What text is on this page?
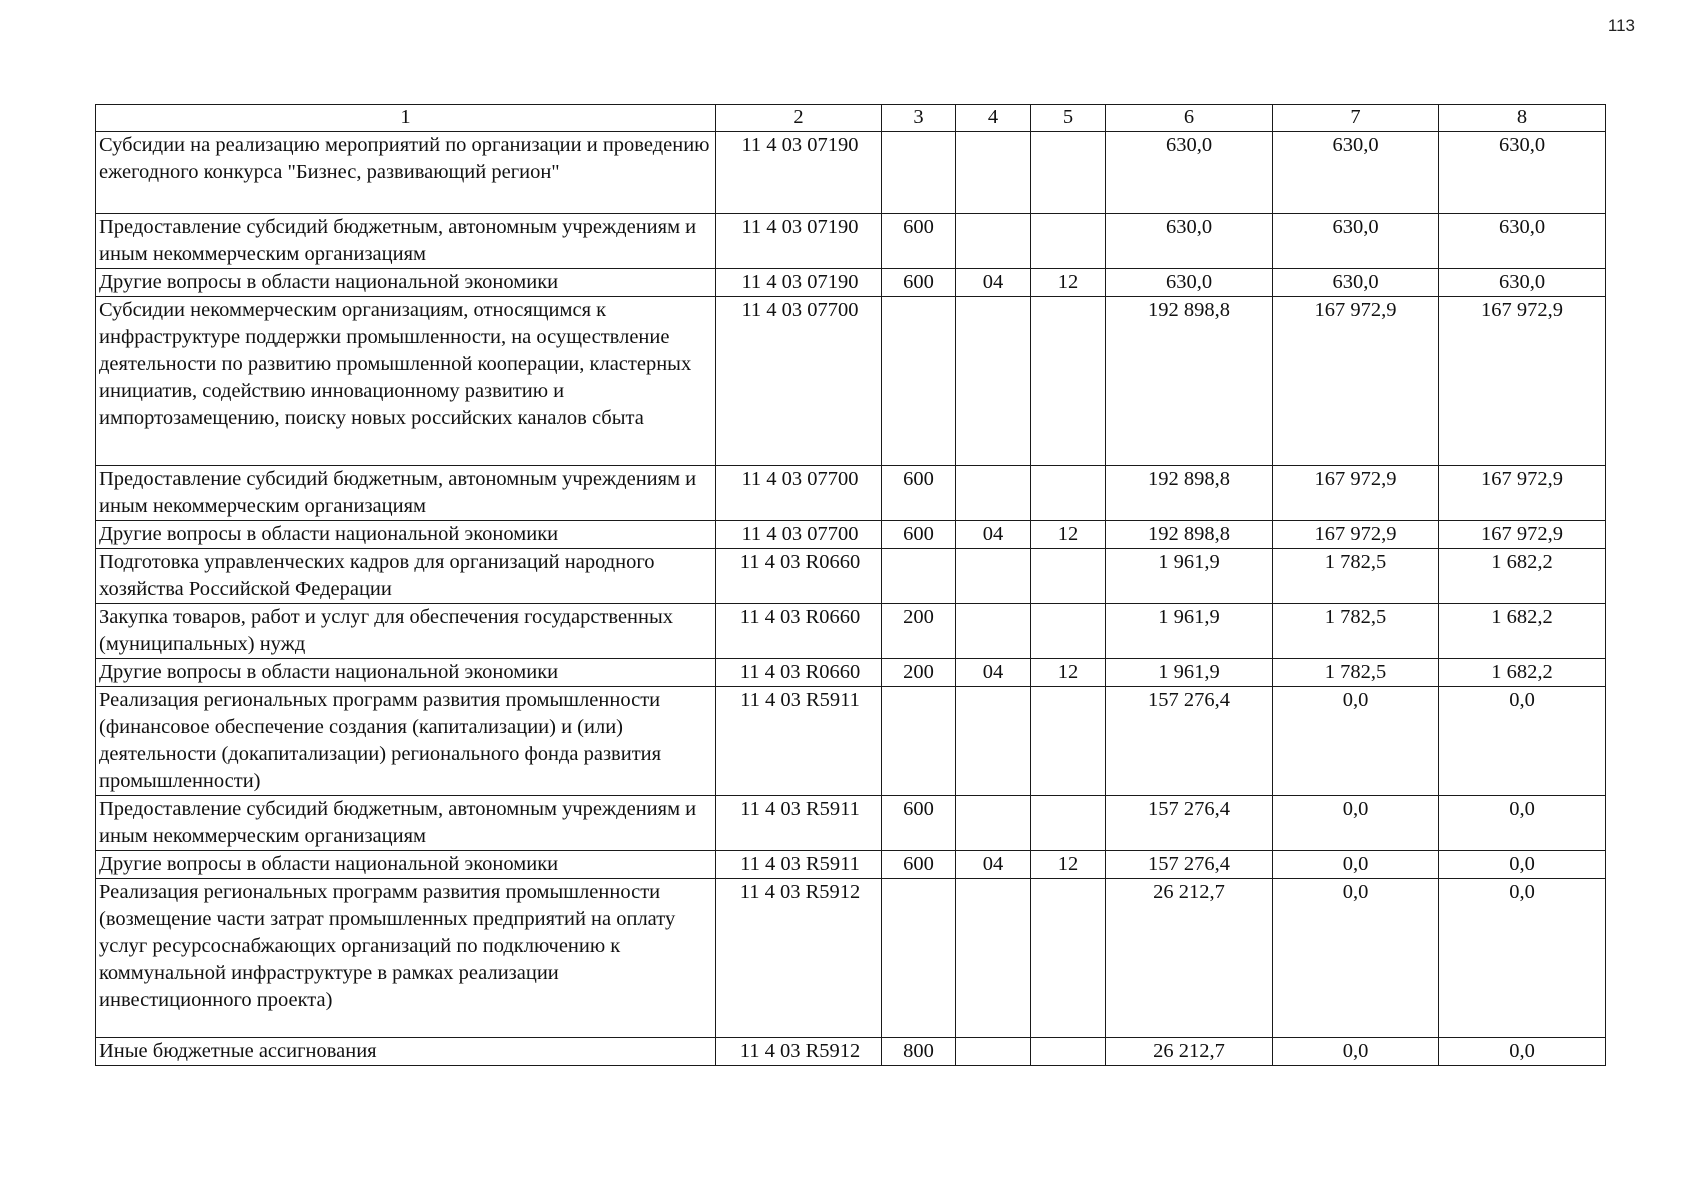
113
1	2	3	4	5	6	7	8
Субсидии на реализацию мероприятий по организации и проведению ежегодного конкурса "Бизнес, развивающий регион"	11 4 03 07190				630,0	630,0	630,0
Предоставление субсидий бюджетным, автономным учреждениям и иным некоммерческим организациям	11 4 03 07190	600			630,0	630,0	630,0
Другие вопросы в области национальной экономики	11 4 03 07190	600	04	12	630,0	630,0	630,0
Субсидии некоммерческим организациям, относящимся к инфраструктуре поддержки промышленности, на осуществление деятельности по развитию промышленной кооперации, кластерных инициатив, содействию инновационному развитию и импортозамещению, поиску новых российских каналов сбыта	11 4 03 07700				192 898,8	167 972,9	167 972,9
Предоставление субсидий бюджетным, автономным учреждениям и иным некоммерческим организациям	11 4 03 07700	600			192 898,8	167 972,9	167 972,9
Другие вопросы в области национальной экономики	11 4 03 07700	600	04	12	192 898,8	167 972,9	167 972,9
Подготовка управленческих кадров для организаций народного хозяйства Российской Федерации	11 4 03 R0660				1 961,9	1 782,5	1 682,2
Закупка товаров, работ и услуг для обеспечения государственных (муниципальных) нужд	11 4 03 R0660	200			1 961,9	1 782,5	1 682,2
Другие вопросы в области национальной экономики	11 4 03 R0660	200	04	12	1 961,9	1 782,5	1 682,2
Реализация региональных программ развития промышленности (финансовое обеспечение создания (капитализации) и (или) деятельности (докапитализации) регионального фонда развития промышленности)	11 4 03 R5911				157 276,4	0,0	0,0
Предоставление субсидий бюджетным, автономным учреждениям и иным некоммерческим организациям	11 4 03 R5911	600			157 276,4	0,0	0,0
Другие вопросы в области национальной экономики	11 4 03 R5911	600	04	12	157 276,4	0,0	0,0
Реализация региональных программ развития промышленности (возмещение части затрат промышленных предприятий на оплату услуг ресурсоснабжающих организаций по подключению к коммунальной инфраструктуре в рамках реализации инвестиционного проекта)	11 4 03 R5912				26 212,7	0,0	0,0
Иные бюджетные ассигнования	11 4 03 R5912	800			26 212,7	0,0	0,0
